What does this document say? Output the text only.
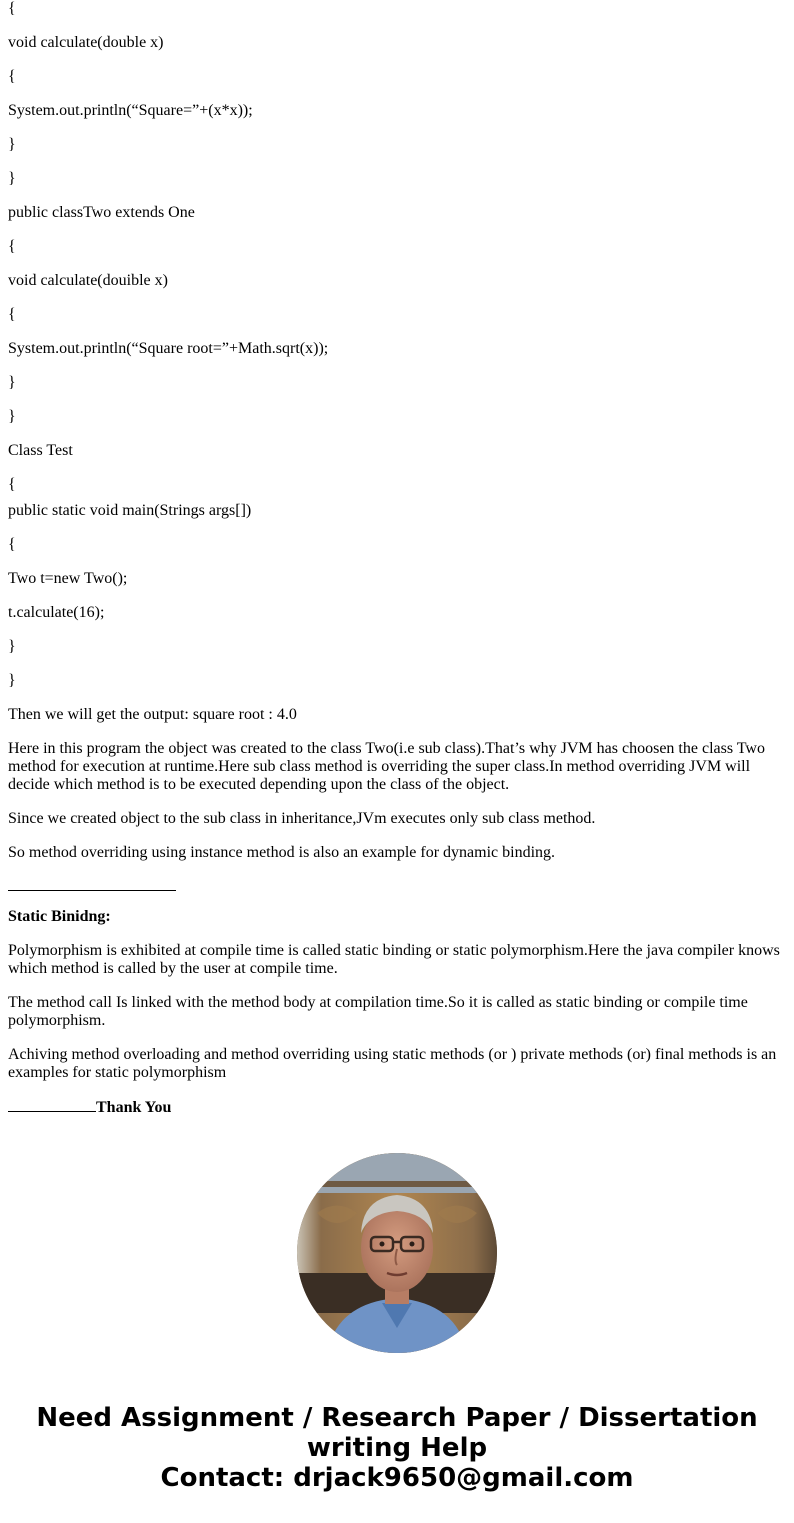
{

void calculate(double x)

{

System.out.println(“Square=”+(x*x));

}

}

public classTwo extends One

{

void calculate(douible x)

{

System.out.println(“Square root=”+Math.sqrt(x));

}

}

Class Test

{

public static void main(Strings args[])

{

Two t=new Two();

t.calculate(16);

}

}

Then we will get the output: square root : 4.0

Here in this program the object was created to the class Two(i.e sub class).That’s why JVM has choosen the class Two method for execution at runtime.Here sub class method is overriding the super class.In method overriding JVM will decide which method is to be executed depending upon the class of the object.

Since we created object to the sub class in inheritance,JVm executes only sub class method.

So method overriding using instance method is also an example for dynamic binding.

Static Binidng:

Polymorphism is exhibited at compile time is called static binding or static polymorphism.Here the java compiler knows which method is called by the user at compile time.

The method call Is linked with the method body at compilation time.So it is called as static binding or compile time polymorphism.

Achiving method overloading and method overriding using static methods (or ) private methods (or) final methods is an examples for static polymorphism

Thank You

Need Assignment / Research Paper / Dissertation
writing Help
Contact: drjack9650@gmail.com
